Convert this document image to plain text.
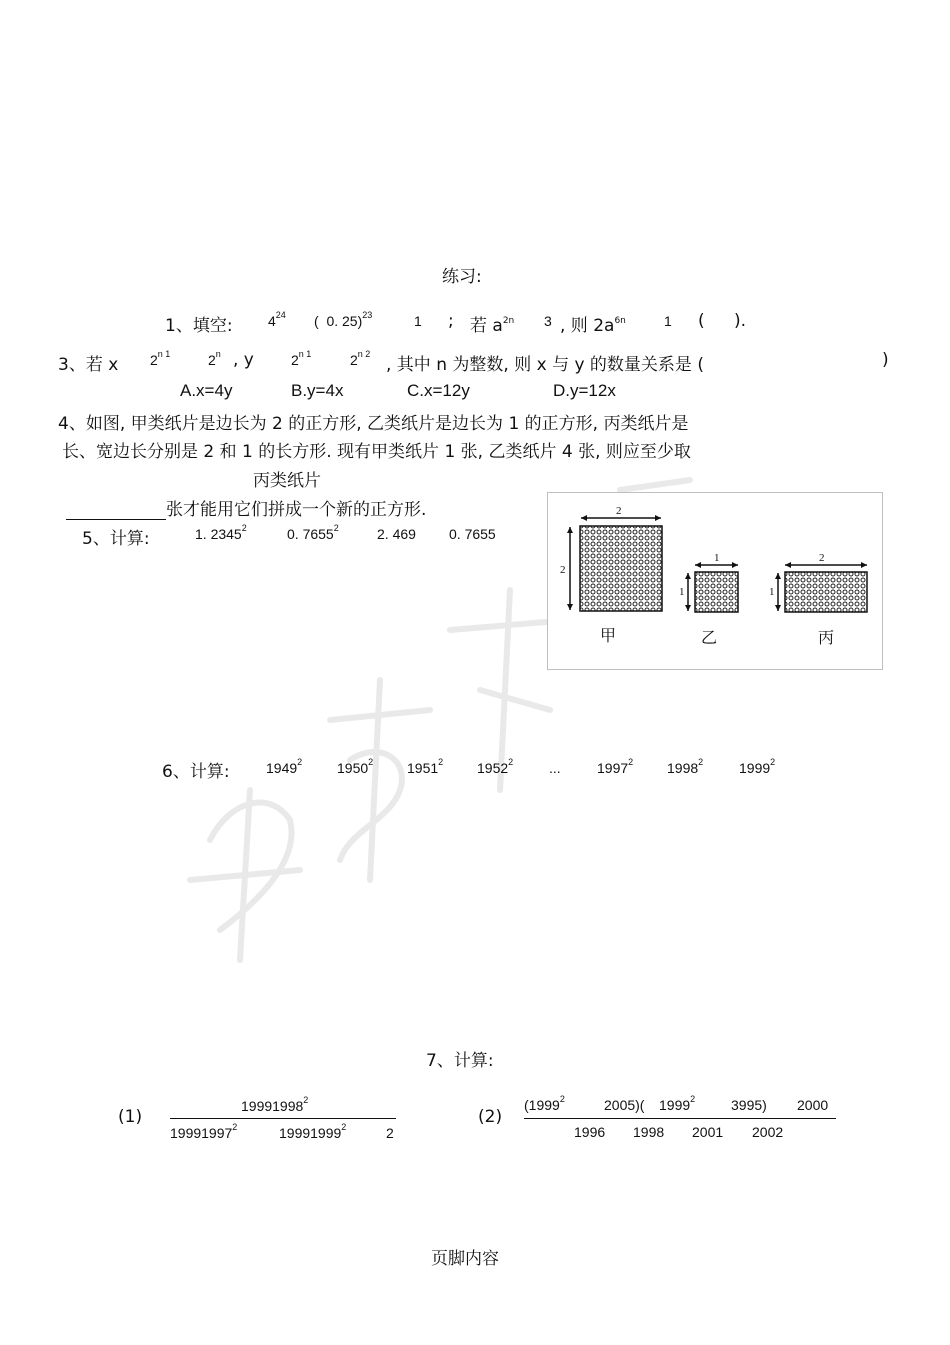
练习:
1、填空:	$4^{24}$ ( 0. 25)$^{23}$	1 ; 若 $a^{2n}$ 3 , 则 $2a^{6n}$	1 ( ).
3、若 x $2^{n 1}$	2$^n$ , y	$2^{n 1}$	$2^{n 2}$
, 其中 n 为整数, 则 x 与 y 的数量关系是 (	)
A.x=4y	B.y=4x	C.x=12y	D.y=12x
4、如图, 甲类纸片是边长为 2 的正方形, 乙类纸片是边长为 1 的正方形, 丙类纸片是
长、宽边长分别是 2 和 1 的长方形. 现有甲类纸片 1 张, 乙类纸片 4 张, 则应至少取
丙类纸片
张才能用它们拼成一个新的正方形.
5、计算:	1. 2345$^2$	0. 7655$^2$	2. 469 0. 7655
2
2
1
1
2
1
甲	乙	丙
6、计算:	1949$^2$ 1950$^2$ 1951$^2$ 1952$^2$	...	1997$^2$ 1998$^2$	1999$^2$
7、计算:
(1)
19991998$^2$
19991997$^2$	19991999$^2$	2
(2)
(1999$^2$	2005)( 1999$^2$	3995) 2000
1996 1998 2001 2002
页脚内容
